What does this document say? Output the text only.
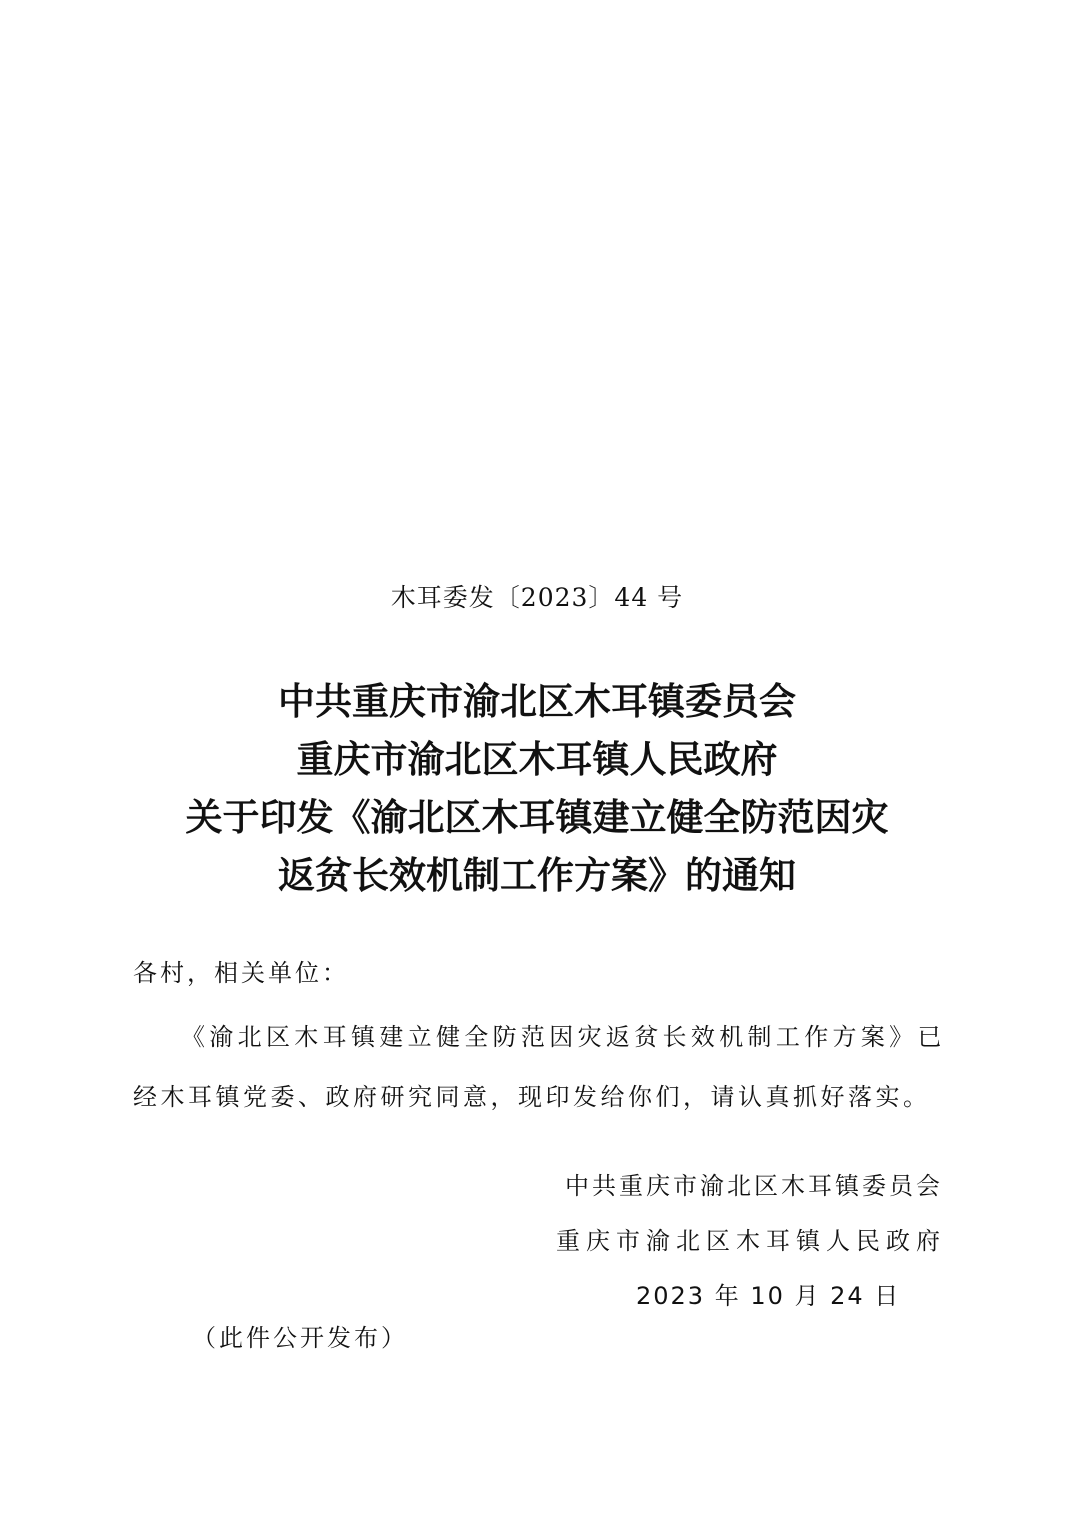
木耳委发〔2023〕44 号
中共重庆市渝北区木耳镇委员会
重庆市渝北区木耳镇人民政府
关于印发《渝北区木耳镇建立健全防范因灾
返贫长效机制工作方案》的通知
各村，相关单位：
《渝北区木耳镇建立健全防范因灾返贫长效机制工作方案》已经木耳镇党委、政府研究同意，现印发给你们，请认真抓好落实。
中共重庆市渝北区木耳镇委员会
重庆市渝北区木耳镇人民政府
2023 年 10 月 24 日
（此件公开发布）
